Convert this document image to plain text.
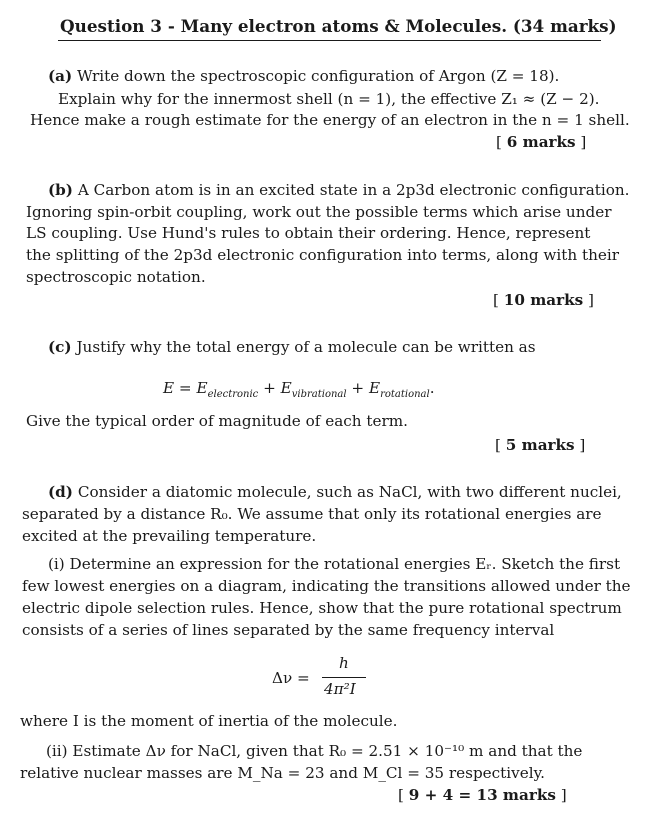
Question 3 - Many electron atoms & Molecules. (34 marks)
(a) Write down the spectroscopic configuration of Argon (Z = 18).
Explain why for the innermost shell (n = 1), the effective Z₁ ≈ (Z − 2).
Hence make a rough estimate for the energy of an electron in the n = 1 shell.
[ 6 marks ]
(b) A Carbon atom is in an excited state in a 2p3d electronic configuration.
Ignoring spin-orbit coupling, work out the possible terms which arise under
LS coupling. Use Hund's rules to obtain their ordering. Hence, represent
the splitting of the 2p3d electronic configuration into terms, along with their
spectroscopic notation.
[ 10 marks ]
(c) Justify why the total energy of a molecule can be written as
$E = E_{electronic} + E_{vibrational} + E_{rotational}$.
Give the typical order of magnitude of each term.
[ 5 marks ]
(d) Consider a diatomic molecule, such as NaCl, with two different nuclei,
separated by a distance R₀. We assume that only its rotational energies are
excited at the prevailing temperature.
(i) Determine an expression for the rotational energies Eᵣ. Sketch the first
few lowest energies on a diagram, indicating the transitions allowed under the
electric dipole selection rules. Hence, show that the pure rotational spectrum
consists of a series of lines separated by the same frequency interval
Δν =
h
4π²I
where I is the moment of inertia of the molecule.
(ii) Estimate Δν for NaCl, given that R₀ = 2.51 × 10⁻¹⁰ m and that the
relative nuclear masses are M_Na = 23 and M_Cl = 35 respectively.
[ 9 + 4 = 13 marks ]
